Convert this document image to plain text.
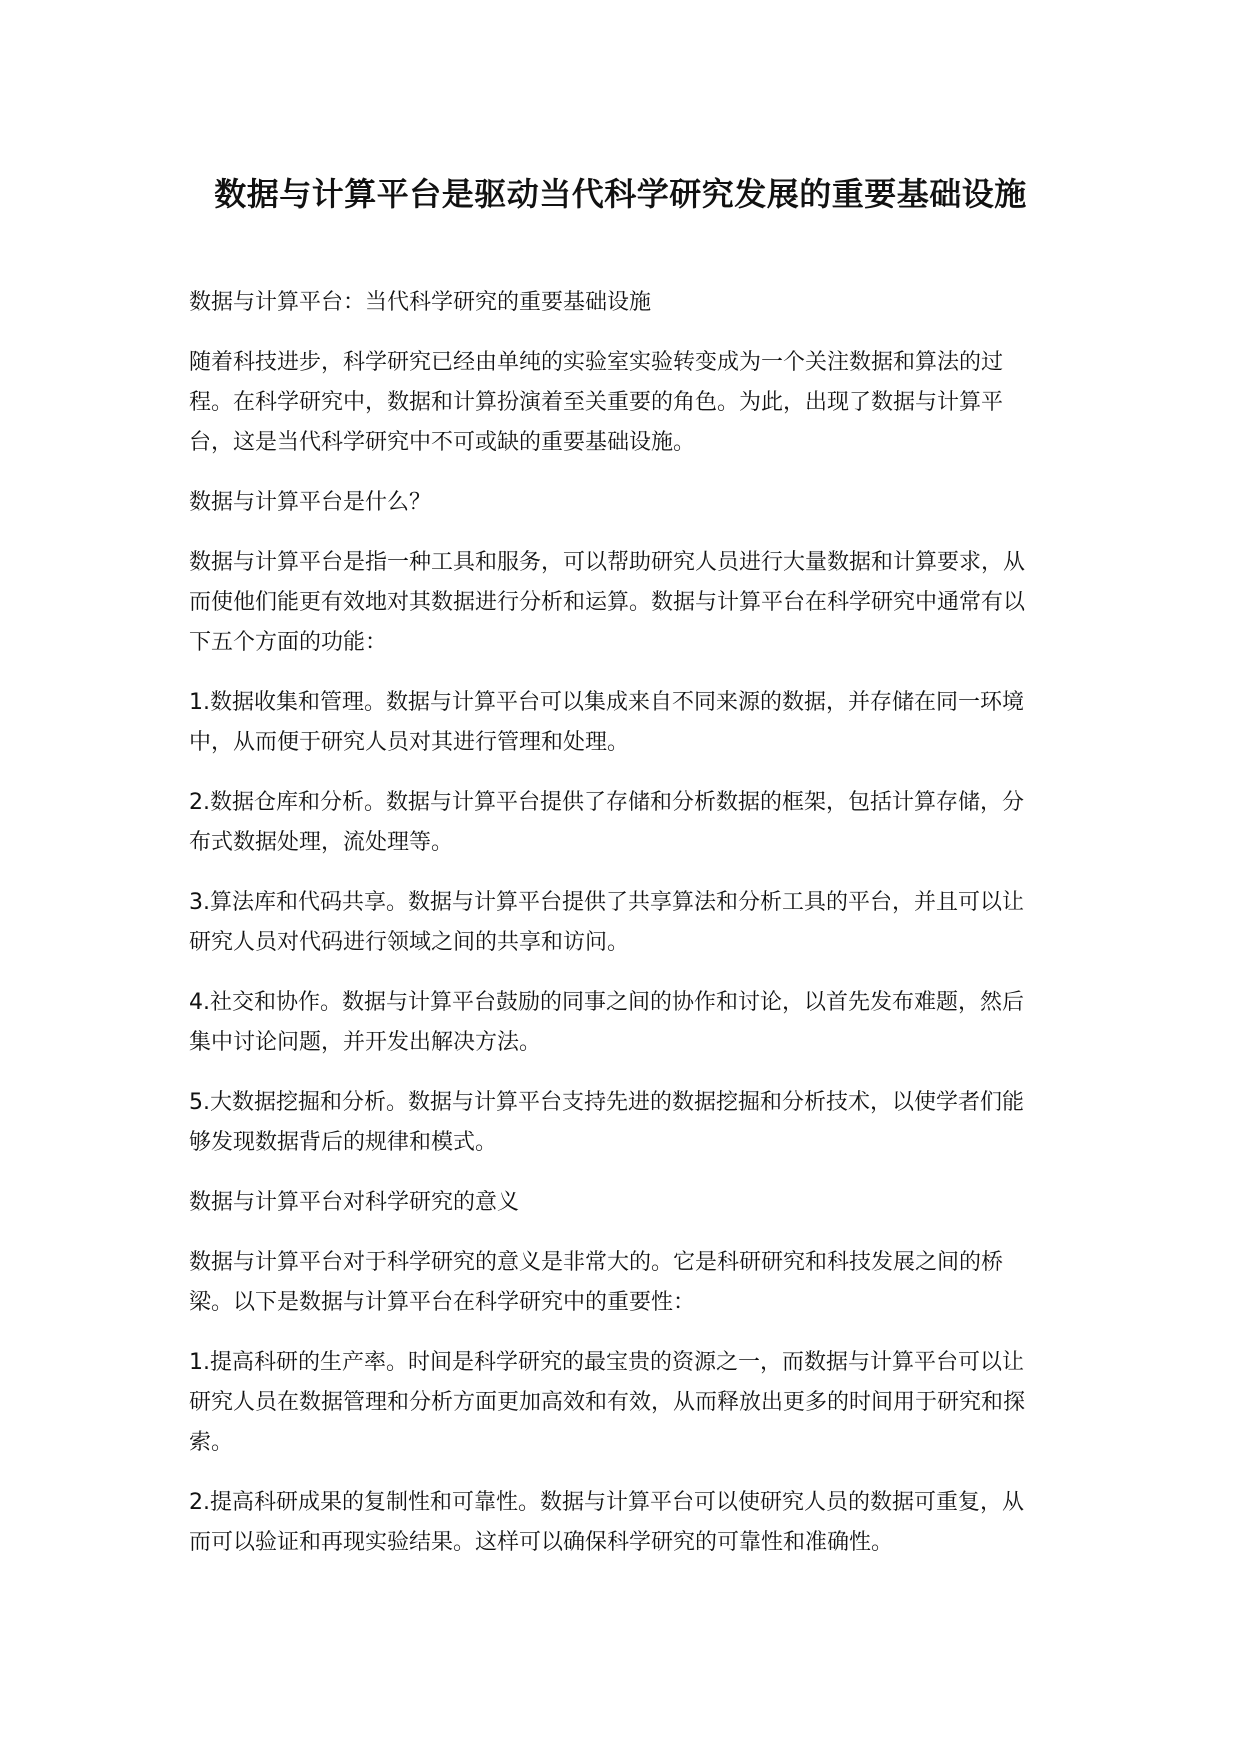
数据与计算平台是驱动当代科学研究发展的重要基础设施

数据与计算平台：当代科学研究的重要基础设施

随着科技进步，科学研究已经由单纯的实验室实验转变成为一个关注数据和算法的过程。在科学研究中，数据和计算扮演着至关重要的角色。为此，出现了数据与计算平台，这是当代科学研究中不可或缺的重要基础设施。

数据与计算平台是什么？

数据与计算平台是指一种工具和服务，可以帮助研究人员进行大量数据和计算要求，从而使他们能更有效地对其数据进行分析和运算。数据与计算平台在科学研究中通常有以下五个方面的功能：

1.数据收集和管理。数据与计算平台可以集成来自不同来源的数据，并存储在同一环境中，从而便于研究人员对其进行管理和处理。

2.数据仓库和分析。数据与计算平台提供了存储和分析数据的框架，包括计算存储，分布式数据处理，流处理等。

3.算法库和代码共享。数据与计算平台提供了共享算法和分析工具的平台，并且可以让研究人员对代码进行领域之间的共享和访问。

4.社交和协作。数据与计算平台鼓励的同事之间的协作和讨论，以首先发布难题，然后集中讨论问题，并开发出解决方法。

5.大数据挖掘和分析。数据与计算平台支持先进的数据挖掘和分析技术，以使学者们能够发现数据背后的规律和模式。

数据与计算平台对科学研究的意义

数据与计算平台对于科学研究的意义是非常大的。它是科研研究和科技发展之间的桥梁。以下是数据与计算平台在科学研究中的重要性：

1.提高科研的生产率。时间是科学研究的最宝贵的资源之一，而数据与计算平台可以让研究人员在数据管理和分析方面更加高效和有效，从而释放出更多的时间用于研究和探索。

2.提高科研成果的复制性和可靠性。数据与计算平台可以使研究人员的数据可重复，从而可以验证和再现实验结果。这样可以确保科学研究的可靠性和准确性。
